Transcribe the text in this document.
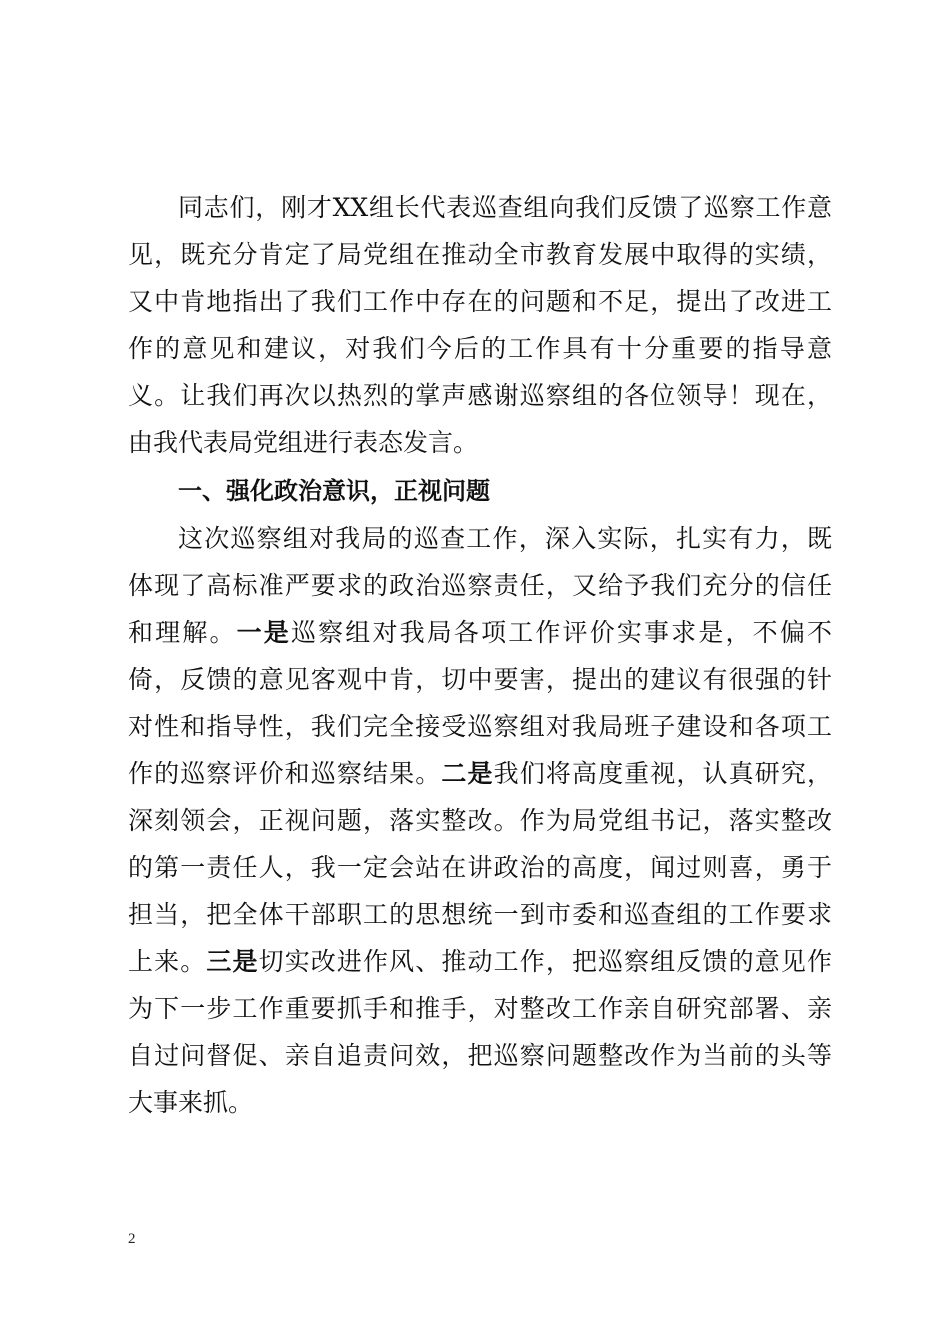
同志们，刚才XX组长代表巡查组向我们反馈了巡察工作意
见，既充分肯定了局党组在推动全市教育发展中取得的实绩，
又中肯地指出了我们工作中存在的问题和不足，提出了改进工
作的意见和建议，对我们今后的工作具有十分重要的指导意
义。让我们再次以热烈的掌声感谢巡察组的各位领导！现在，
由我代表局党组进行表态发言。
一、强化政治意识，正视问题
这次巡察组对我局的巡查工作，深入实际，扎实有力，既
体现了高标准严要求的政治巡察责任，又给予我们充分的信任
和理解。一是巡察组对我局各项工作评价实事求是，不偏不
倚，反馈的意见客观中肯，切中要害，提出的建议有很强的针
对性和指导性，我们完全接受巡察组对我局班子建设和各项工
作的巡察评价和巡察结果。二是我们将高度重视，认真研究，
深刻领会，正视问题，落实整改。作为局党组书记，落实整改
的第一责任人，我一定会站在讲政治的高度，闻过则喜，勇于
担当，把全体干部职工的思想统一到市委和巡查组的工作要求
上来。三是切实改进作风、推动工作，把巡察组反馈的意见作
为下一步工作重要抓手和推手，对整改工作亲自研究部署、亲
自过问督促、亲自追责问效，把巡察问题整改作为当前的头等
大事来抓。
2
